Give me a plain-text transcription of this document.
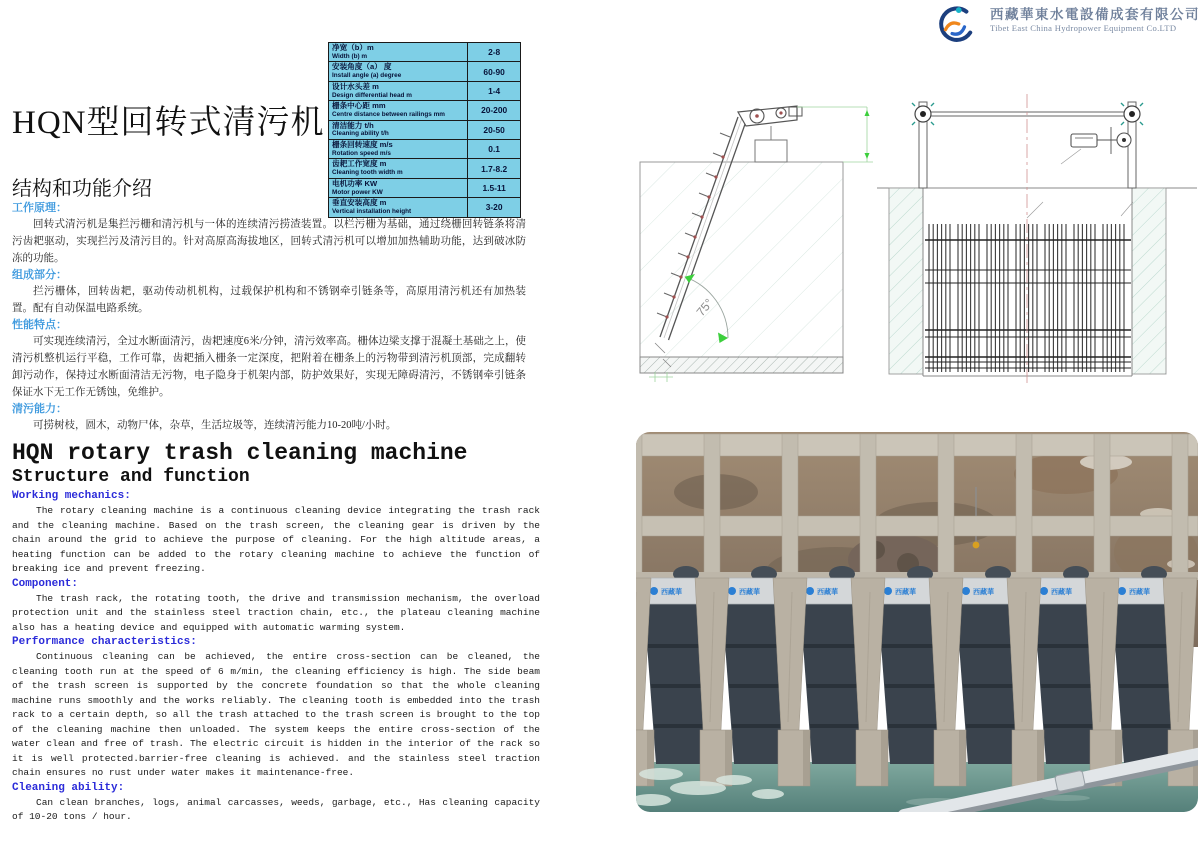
西藏華東水電設備成套有限公司
Tibet East China Hydropower Equipment Co.LTD
净宽（b）m
Width (b) m	2-8

安装角度（a） 度
Install angle (a) degree	60-90

设计水头差 m
Design differential head m	1-4

栅条中心距 mm
Centre distance between railings mm	20-200

清洁能力 t/h
Cleaning ability t/h	20-50

栅条回转速度 m/s
Rotation speed m/s	0.1

齿耙工作宽度 m
Cleaning tooth width m	1.7-8.2

电机功率 KW
Motor power KW	1.5-11

垂直安装高度 m
Vertical installation height	3-20
HQN型回转式清污机
结构和功能介绍
工作原理：

回转式清污机是集拦污栅和清污机与一体的连续清污捞渣装置。以栏污栅为基础，通过绕栅回转链条将清污齿耙驱动，实现拦污及清污目的。针对高原高海拔地区，回转式清污机可以增加加热辅助功能，达到破冰防冻的功能。

组成部分：

拦污栅体，回转齿耙，驱动传动机机构，过载保护机构和不锈钢牵引链条等，高原用清污机还有加热装置。配有自动保温电路系统。

性能特点：

可实现连续清污，全过水断面清污，齿耙速度6米/分钟，清污效率高。栅体边梁支撑于混凝土基础之上，使清污机整机运行平稳，工作可靠，齿耙插入栅条一定深度，把附着在栅条上的污物带到清污机顶部，完成翻转卸污动作，保持过水断面清洁无污物，电子隐身于机架内部，防护效果好，实现无障碍清污，不锈钢牵引链条保证水下无工作无锈蚀，免维护。

清污能力：

可捞树枝，圆木，动物尸体，杂草，生活垃圾等，连续清污能力10-20吨/小时。

HQN rotary trash cleaning machine
Structure and function
Working mechanics:

The rotary cleaning machine is a continuous cleaning device integrating the trash rack and the cleaning machine. Based on the trash screen, the cleaning gear is driven by the chain around the grid to achieve the purpose of cleaning. For the high altitude areas, a heating function can be added to the rotary cleaning machine to achieve the function of breaking ice and prevent freezing.

Component:

The trash rack, the rotating tooth, the drive and transmission mechanism, the overload protection unit and the stainless steel traction chain, etc., the plateau cleaning machine also has a heating device and equipped with automatic warming system.

Performance characteristics:

Continuous cleaning can be achieved, the entire cross-section can be cleaned, the cleaning tooth run at the speed of 6 m/min, the cleaning efficiency is high. The side beam of the trash screen is supported by the concrete foundation so that the whole cleaning machine runs smoothly and the works reliably. The cleaning tooth is embedded into the trash rack to a certain depth, so all the trash attached to the trash screen is brought to the top of the cleaning machine then unloaded. The system keeps the entire cross-section of the water clean and free of trash. The electric circuit is hidden in the interior of the rack so it is well protected.barrier-free cleaning is achieved. and the stainless steel traction chain ensures no rust under water makes it maintenance-free.

Cleaning ability:

Can clean branches, logs, animal carcasses, weeds, garbage, etc., Has cleaning capacity of 10-20 tons / hour.

75°
西藏華	西藏華	西藏華	西藏華	西藏華	西藏華	西藏華
